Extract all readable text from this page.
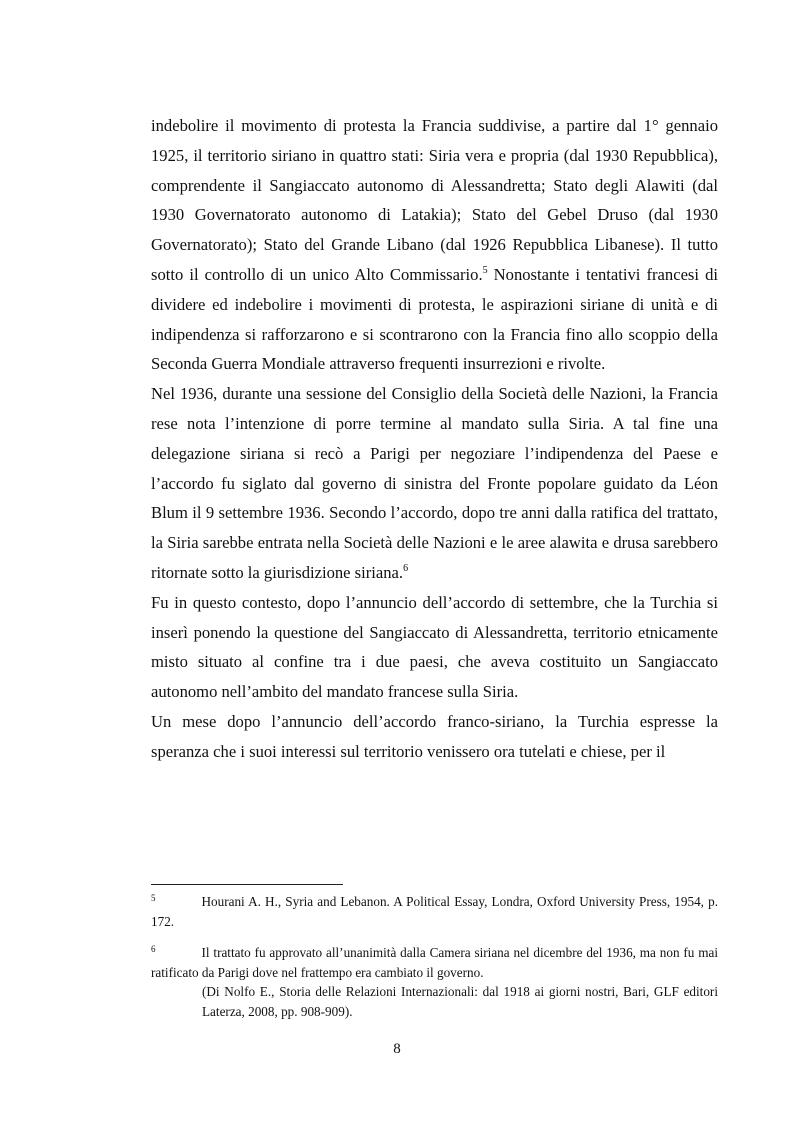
indebolire il movimento di protesta la Francia suddivise, a partire dal 1° gennaio 1925, il territorio siriano in quattro stati: Siria vera e propria (dal 1930 Repubblica), comprendente il Sangiaccato autonomo di Alessandretta; Stato degli Alawiti (dal 1930 Governatorato autonomo di Latakia); Stato del Gebel Druso (dal 1930 Governatorato); Stato del Grande Libano (dal 1926 Repubblica Libanese). Il tutto sotto il controllo di un unico Alto Commissario.$^5$ Nonostante i tentativi francesi di dividere ed indebolire i movimenti di protesta, le aspirazioni siriane di unità e di indipendenza si rafforzarono e si scontrarono con la Francia fino allo scoppio della Seconda Guerra Mondiale attraverso frequenti insurrezioni e rivolte.

Nel 1936, durante una sessione del Consiglio della Società delle Nazioni, la Francia rese nota l’intenzione di porre termine al mandato sulla Siria. A tal fine una delegazione siriana si recò a Parigi per negoziare l’indipendenza del Paese e l’accordo fu siglato dal governo di sinistra del Fronte popolare guidato da Léon Blum il 9 settembre 1936. Secondo l’accordo, dopo tre anni dalla ratifica del trattato, la Siria sarebbe entrata nella Società delle Nazioni e le aree alawita e drusa sarebbero ritornate sotto la giurisdizione siriana.$^6$

Fu in questo contesto, dopo l’annuncio dell’accordo di settembre, che la Turchia si inserì ponendo la questione del Sangiaccato di Alessandretta, territorio etnicamente misto situato al confine tra i due paesi, che aveva costituito un Sangiaccato autonomo nell’ambito del mandato francese sulla Siria.

Un mese dopo l’annuncio dell’accordo franco-siriano, la Turchia espresse la speranza che i suoi interessi sul territorio venissero ora tutelati e chiese, per il

$^5$	Hourani A. H., Syria and Lebanon. A Political Essay, Londra, Oxford University Press, 1954, p. 172.

$^6$	Il trattato fu approvato all’unanimità dalla Camera siriana nel dicembre del 1936, ma non fu mai ratificato da Parigi dove nel frattempo era cambiato il governo.

(Di Nolfo E., Storia delle Relazioni Internazionali: dal 1918 ai giorni nostri, Bari, GLF editori Laterza, 2008, pp. 908-909).

8
